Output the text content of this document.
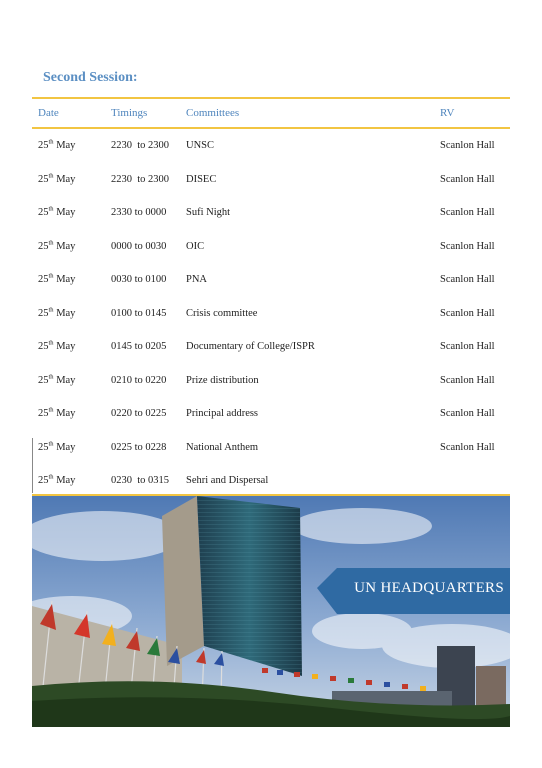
Second Session:
Date	Timings	Committees	RV
25th May	2230  to 2300	UNSC	Scanlon Hall
25th May	2230  to 2300	DISEC	Scanlon Hall
25th May	2330 to 0000	Sufi Night	Scanlon Hall
25th May	0000 to 0030	OIC	Scanlon Hall
25th May	0030 to 0100	PNA	Scanlon Hall
25th May	0100 to 0145	Crisis committee	Scanlon Hall
25th May	0145 to 0205	Documentary of College/ISPR	Scanlon Hall
25th May	0210 to 0220	Prize distribution	Scanlon Hall
25th May	0220 to 0225	Principal address	Scanlon Hall
25th May	0225 to 0228	National Anthem	Scanlon Hall
25th May	0230  to 0315	Sehri and Dispersal	
UN HEADQUARTERS
